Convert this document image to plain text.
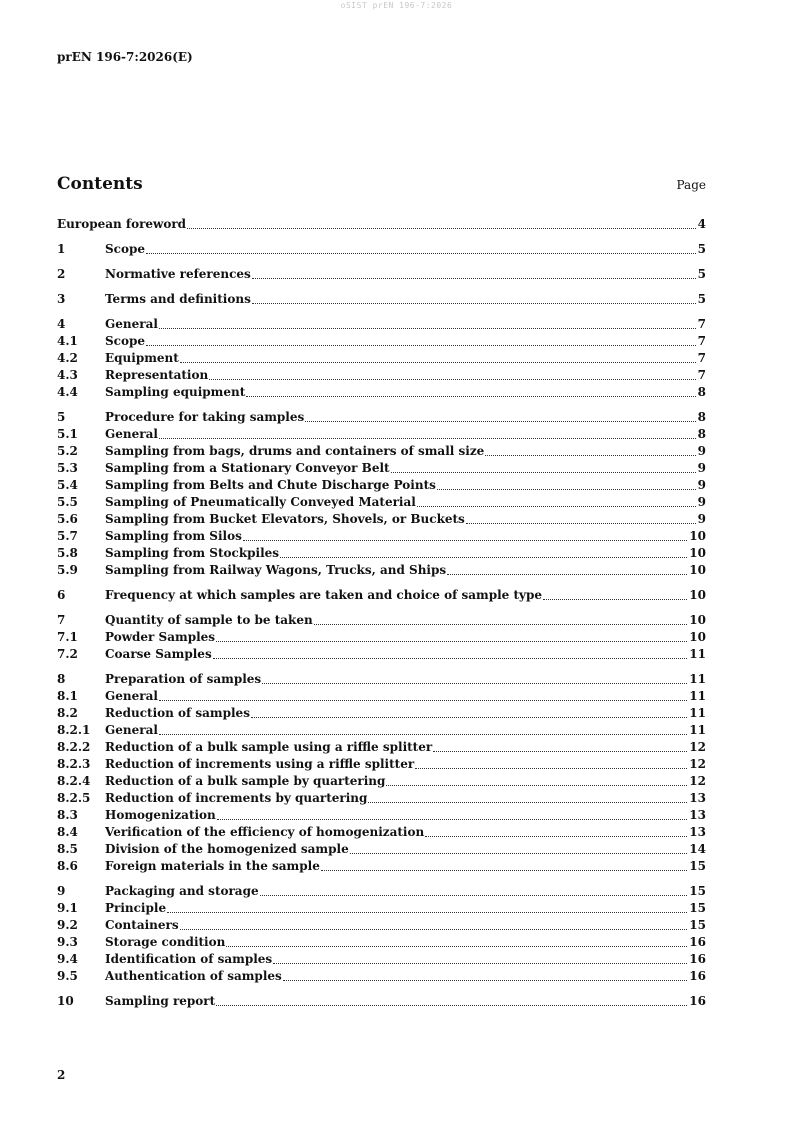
oSIST prEN 196-7:2026
prEN 196-7:2026(E)
Contents	Page
European foreword	4
1	Scope	5
2	Normative references	5
3	Terms and definitions	5
4	General	7
4.1	Scope	7
4.2	Equipment	7
4.3	Representation	7
4.4	Sampling equipment	8
5	Procedure for taking samples	8
5.1	General	8
5.2	Sampling from bags, drums and containers of small size	9
5.3	Sampling from a Stationary Conveyor Belt	9
5.4	Sampling from Belts and Chute Discharge Points	9
5.5	Sampling of Pneumatically Conveyed Material	9
5.6	Sampling from Bucket Elevators, Shovels, or Buckets	9
5.7	Sampling from Silos	10
5.8	Sampling from Stockpiles	10
5.9	Sampling from Railway Wagons, Trucks, and Ships	10
6	Frequency at which samples are taken and choice of sample type	10
7	Quantity of sample to be taken	10
7.1	Powder Samples	10
7.2	Coarse Samples	11
8	Preparation of samples	11
8.1	General	11
8.2	Reduction of samples	11
8.2.1	General	11
8.2.2	Reduction of a bulk sample using a riffle splitter	12
8.2.3	Reduction of increments using a riffle splitter	12
8.2.4	Reduction of a bulk sample by quartering	12
8.2.5	Reduction of increments by quartering	13
8.3	Homogenization	13
8.4	Verification of the efficiency of homogenization	13
8.5	Division of the homogenized sample	14
8.6	Foreign materials in the sample	15
9	Packaging and storage	15
9.1	Principle	15
9.2	Containers	15
9.3	Storage condition	16
9.4	Identification of samples	16
9.5	Authentication of samples	16
10	Sampling report	16
2
